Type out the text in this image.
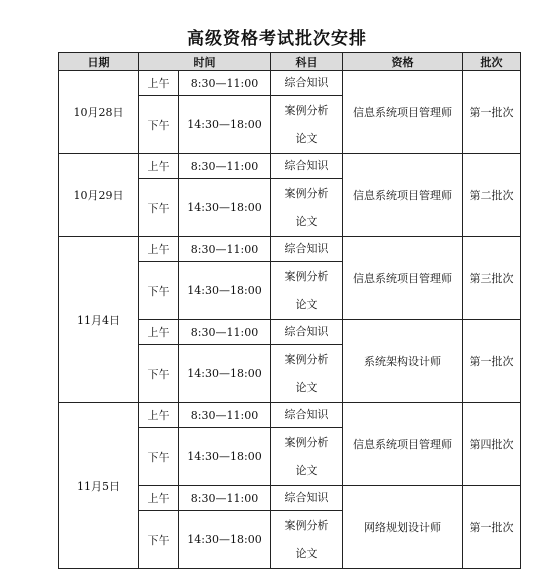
高级资格考试批次安排
日期	时间		科目	资格	批次
10月28日	上午	8:30—11:00	综合知识	信息系统项目管理师	第一批次
	下午	14:30—18:00	案例分析
论文		

10月29日	上午	8:30—11:00	综合知识	信息系统项目管理师	第二批次
	下午	14:30—18:00	案例分析
论文		

11月4日	上午	8:30—11:00	综合知识	信息系统项目管理师	第三批次
	下午	14:30—18:00	案例分析
论文		

	上午	8:30—11:00	综合知识	系统架构设计师	第一批次
	下午	14:30—18:00	案例分析
论文		

11月5日	上午	8:30—11:00	综合知识	信息系统项目管理师	第四批次
	下午	14:30—18:00	案例分析
论文		

	上午	8:30—11:00	综合知识	网络规划设计师	第一批次
	下午	14:30—18:00	案例分析
论文		
